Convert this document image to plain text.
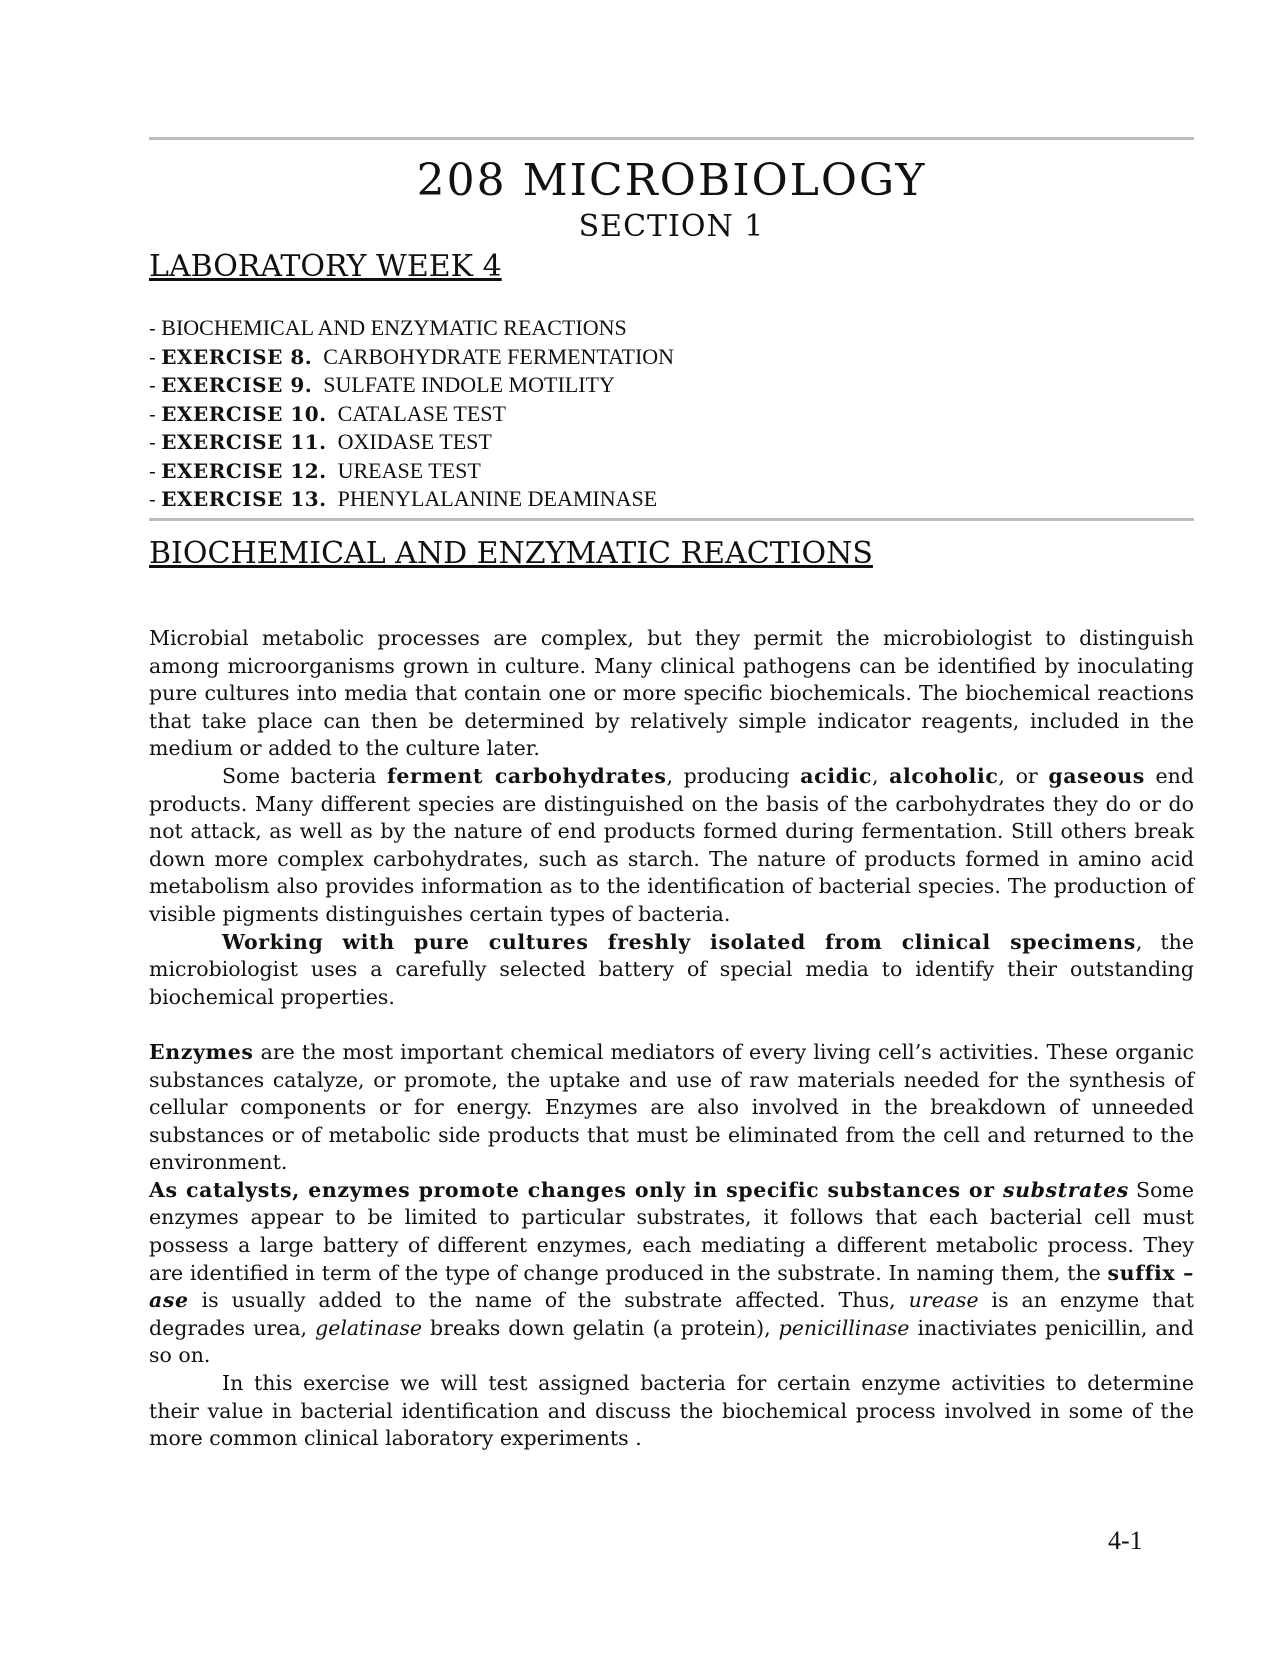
208 MICROBIOLOGY
SECTION 1
LABORATORY WEEK 4
- BIOCHEMICAL AND ENZYMATIC REACTIONS
- EXERCISE 8. CARBOHYDRATE FERMENTATION
- EXERCISE 9. SULFATE INDOLE MOTILITY
- EXERCISE 10. CATALASE TEST
- EXERCISE 11. OXIDASE TEST
- EXERCISE 12. UREASE TEST
- EXERCISE 13. PHENYLALANINE DEAMINASE
BIOCHEMICAL AND ENZYMATIC REACTIONS

Microbial metabolic processes are complex, but they permit the microbiologist to distinguish among microorganisms grown in culture. Many clinical pathogens can be identified by inoculating pure cultures into media that contain one or more specific biochemicals. The biochemical reactions that take place can then be determined by relatively simple indicator reagents, included in the medium or added to the culture later.

Some bacteria ferment carbohydrates, producing acidic, alcoholic, or gaseous end products. Many different species are distinguished on the basis of the carbohydrates they do or do not attack, as well as by the nature of end products formed during fermentation. Still others break down more complex carbohydrates, such as starch. The nature of products formed in amino acid metabolism also provides information as to the identification of bacterial species. The production of visible pigments distinguishes certain types of bacteria.

Working with pure cultures freshly isolated from clinical specimens, the microbiologist uses a carefully selected battery of special media to identify their outstanding biochemical properties.

Enzymes are the most important chemical mediators of every living cell’s activities. These organic substances catalyze, or promote, the uptake and use of raw materials needed for the synthesis of cellular components or for energy. Enzymes are also involved in the breakdown of unneeded substances or of metabolic side products that must be eliminated from the cell and returned to the environment.

As catalysts, enzymes promote changes only in specific substances or substrates Some enzymes appear to be limited to particular substrates, it follows that each bacterial cell must possess a large battery of different enzymes, each mediating a different metabolic process. They are identified in term of the type of change produced in the substrate. In naming them, the suffix –ase is usually added to the name of the substrate affected. Thus, urease is an enzyme that degrades urea, gelatinase breaks down gelatin (a protein), penicillinase inactiviates penicillin, and so on.

In this exercise we will test assigned bacteria for certain enzyme activities to determine their value in bacterial identification and discuss the biochemical process involved in some of the more common clinical laboratory experiments .

4-1
